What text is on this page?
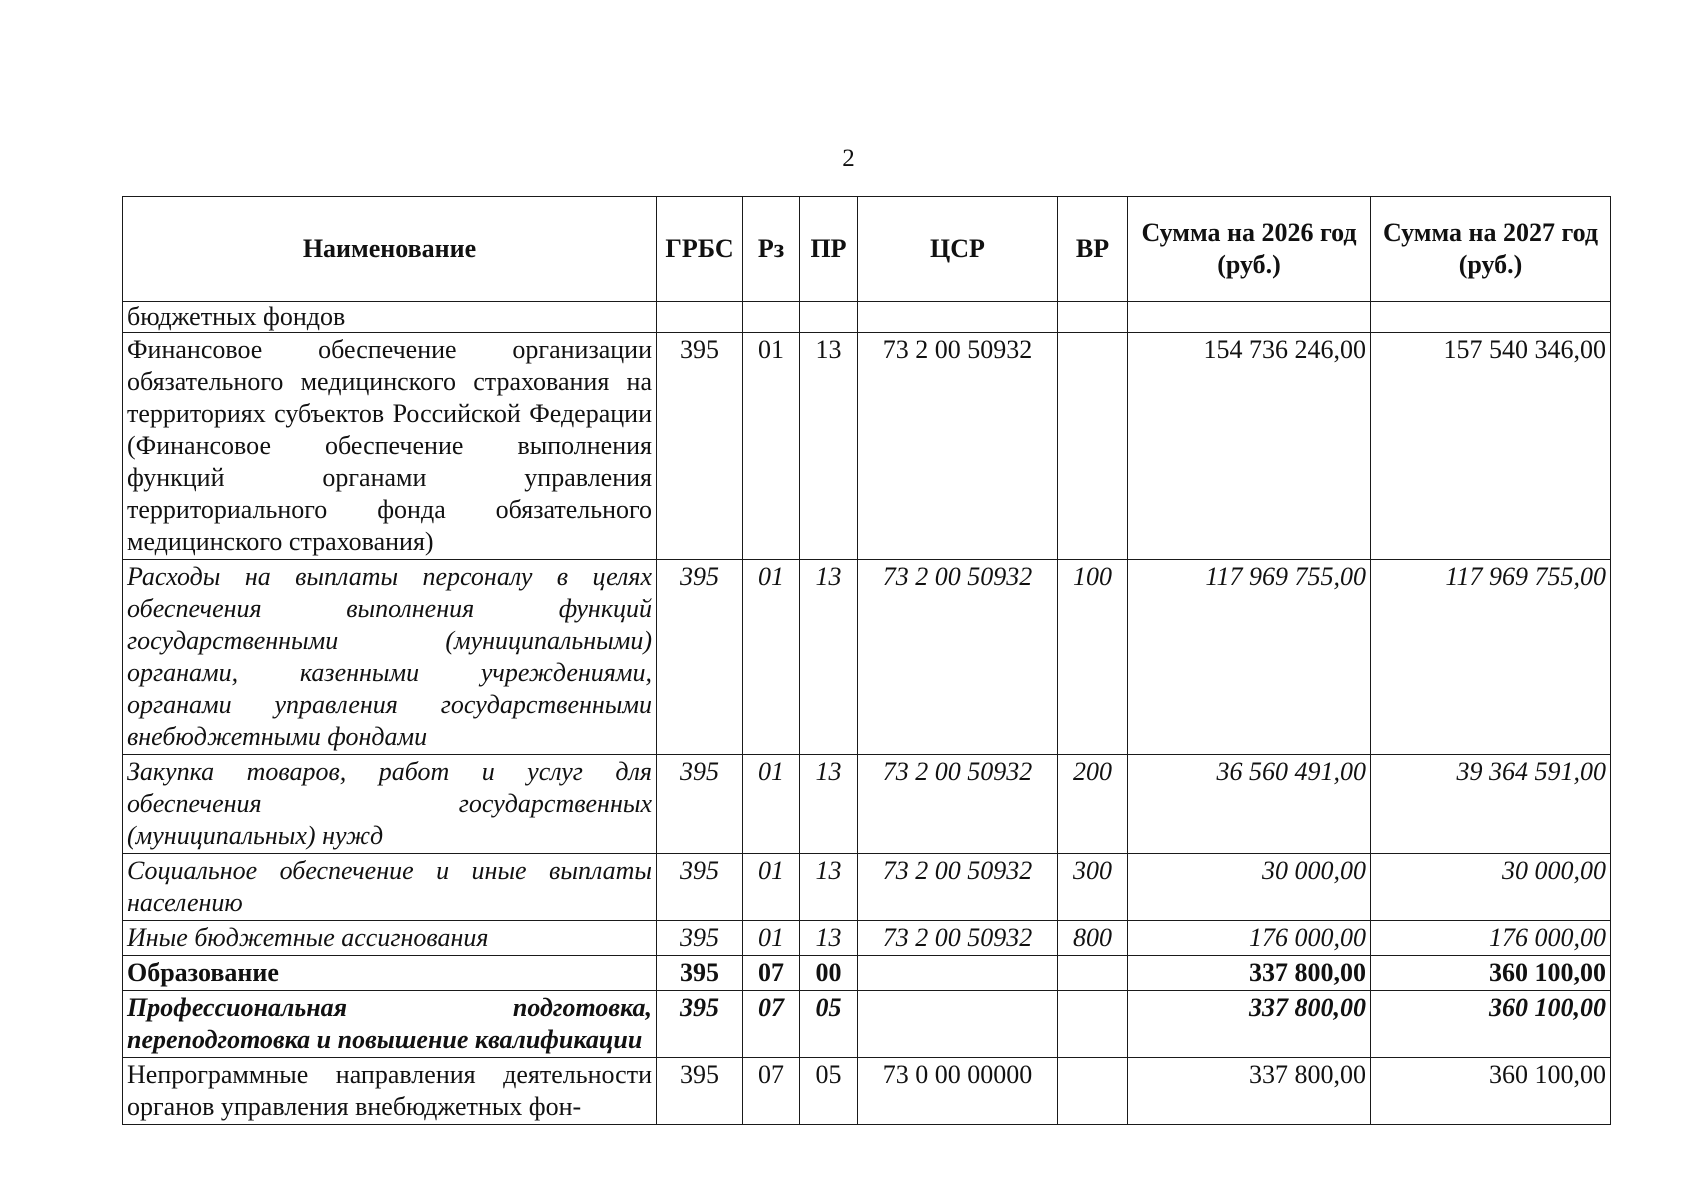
2
Наименование	ГРБС	Рз	ПР	ЦСР	ВР	Сумма на 2026 год (руб.)	Сумма на 2027 год (руб.)
бюджетных фондов							
Финансовое обеспечение организации обязательного медицинского страхования на территориях субъектов Российской Федерации (Финансовое обеспечение выполнения функций органами управления территориального фонда обязательного медицинского страхования)	395	01	13	73 2 00 50932		154 736 246,00	157 540 346,00
Расходы на выплаты персоналу в целях обеспечения выполнения функций государственными (муниципальными) органами, казенными учреждениями, органами управления государственными внебюджетными фондами	395	01	13	73 2 00 50932	100	117 969 755,00	117 969 755,00
Закупка товаров, работ и услуг для обеспечения государственных (муниципальных) нужд	395	01	13	73 2 00 50932	200	36 560 491,00	39 364 591,00
Социальное обеспечение и иные выплаты населению	395	01	13	73 2 00 50932	300	30 000,00	30 000,00
Иные бюджетные ассигнования	395	01	13	73 2 00 50932	800	176 000,00	176 000,00
Образование	395	07	00			337 800,00	360 100,00
Профессиональная подготовка, переподготовка и повышение квалификации	395	07	05			337 800,00	360 100,00
Непрограммные направления деятельности органов управления внебюджетных фон-	395	07	05	73 0 00 00000		337 800,00	360 100,00
